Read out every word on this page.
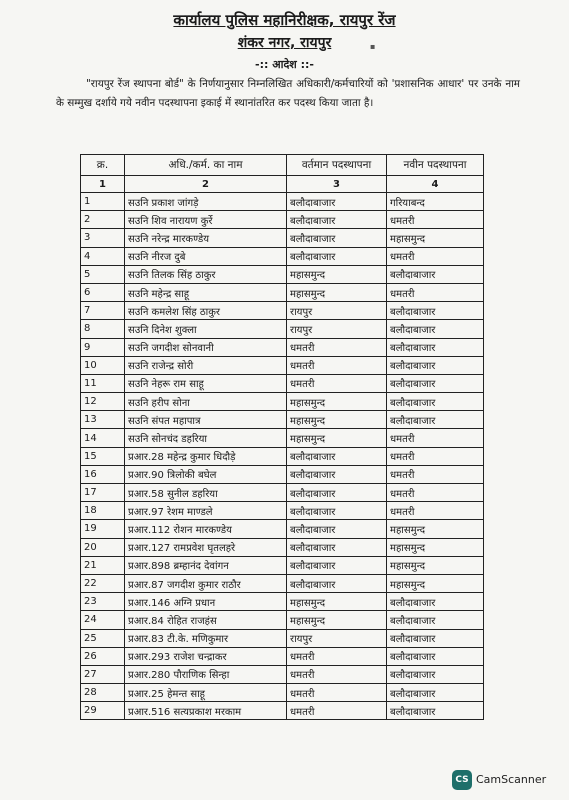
कार्यालय पुलिस महानिरीक्षक, रायपुर रेंज
शंकर नगर, रायपुर	▪
-:: आदेश ::-
"रायपुर रेंज स्थापना बोर्ड" के निर्णयानुसार निम्नलिखित अधिकारी/कर्मचारियों को 'प्रशासनिक आधार' पर उनके नाम के सम्मुख दर्शाये गये नवीन पदस्थापना इकाई में स्थानांतरित कर पदस्थ किया जाता है।
क्र.	अधि./कर्म. का नाम	वर्तमान पदस्थापना	नवीन पदस्थापना
1	2	3	4
1	सउनि प्रकाश जांगड़े	बलौदाबाजार	गरियाबन्द
2	सउनि शिव नारायण कुर्रे	बलौदाबाजार	धमतरी
3	सउनि नरेन्द्र मारकण्डेय	बलौदाबाजार	महासमुन्द
4	सउनि नीरज दुबे	बलौदाबाजार	धमतरी
5	सउनि तिलक सिंह ठाकुर	महासमुन्द	बलौदाबाजार
6	सउनि महेन्द्र साहू	महासमुन्द	धमतरी
7	सउनि कमलेश सिंह ठाकुर	रायपुर	बलौदाबाजार
8	सउनि दिनेश शुक्ला	रायपुर	बलौदाबाजार
9	सउनि जगदीश सोनवानी	धमतरी	बलौदाबाजार
10	सउनि राजेन्द्र सोरी	धमतरी	बलौदाबाजार
11	सउनि नेहरू राम साहू	धमतरी	बलौदाबाजार
12	सउनि हरीप सोना	महासमुन्द	बलौदाबाजार
13	सउनि संपत महापात्र	महासमुन्द	बलौदाबाजार
14	सउनि सोनचंद डहरिया	महासमुन्द	धमतरी
15	प्रआर.28 महेन्द्र कुमार धिदौड़े	बलौदाबाजार	धमतरी
16	प्रआर.90 त्रिलोकी बघेल	बलौदाबाजार	धमतरी
17	प्रआर.58 सुनील डहरिया	बलौदाबाजार	धमतरी
18	प्रआर.97 रेशम माण्डले	बलौदाबाजार	धमतरी
19	प्रआर.112 रोशन मारकण्डेय	बलौदाबाजार	महासमुन्द
20	प्रआर.127 रामप्रवेश घृतलहरे	बलौदाबाजार	महासमुन्द
21	प्रआर.898 ब्रम्हानंद देवांगन	बलौदाबाजार	महासमुन्द
22	प्रआर.87 जगदीश कुमार राठौर	बलौदाबाजार	महासमुन्द
23	प्रआर.146 अग्नि प्रधान	महासमुन्द	बलौदाबाजार
24	प्रआर.84 रोहित राजहंस	महासमुन्द	बलौदाबाजार
25	प्रआर.83 टी.के. मणिकुमार	रायपुर	बलौदाबाजार
26	प्रआर.293 राजेश चन्द्राकर	धमतरी	बलौदाबाजार
27	प्रआर.280 पौराणिक सिन्हा	धमतरी	बलौदाबाजार
28	प्रआर.25 हेमन्त साहू	धमतरी	बलौदाबाजार
29	प्रआर.516 सत्यप्रकाश मरकाम	धमतरी	बलौदाबाजार
CS CamScanner
